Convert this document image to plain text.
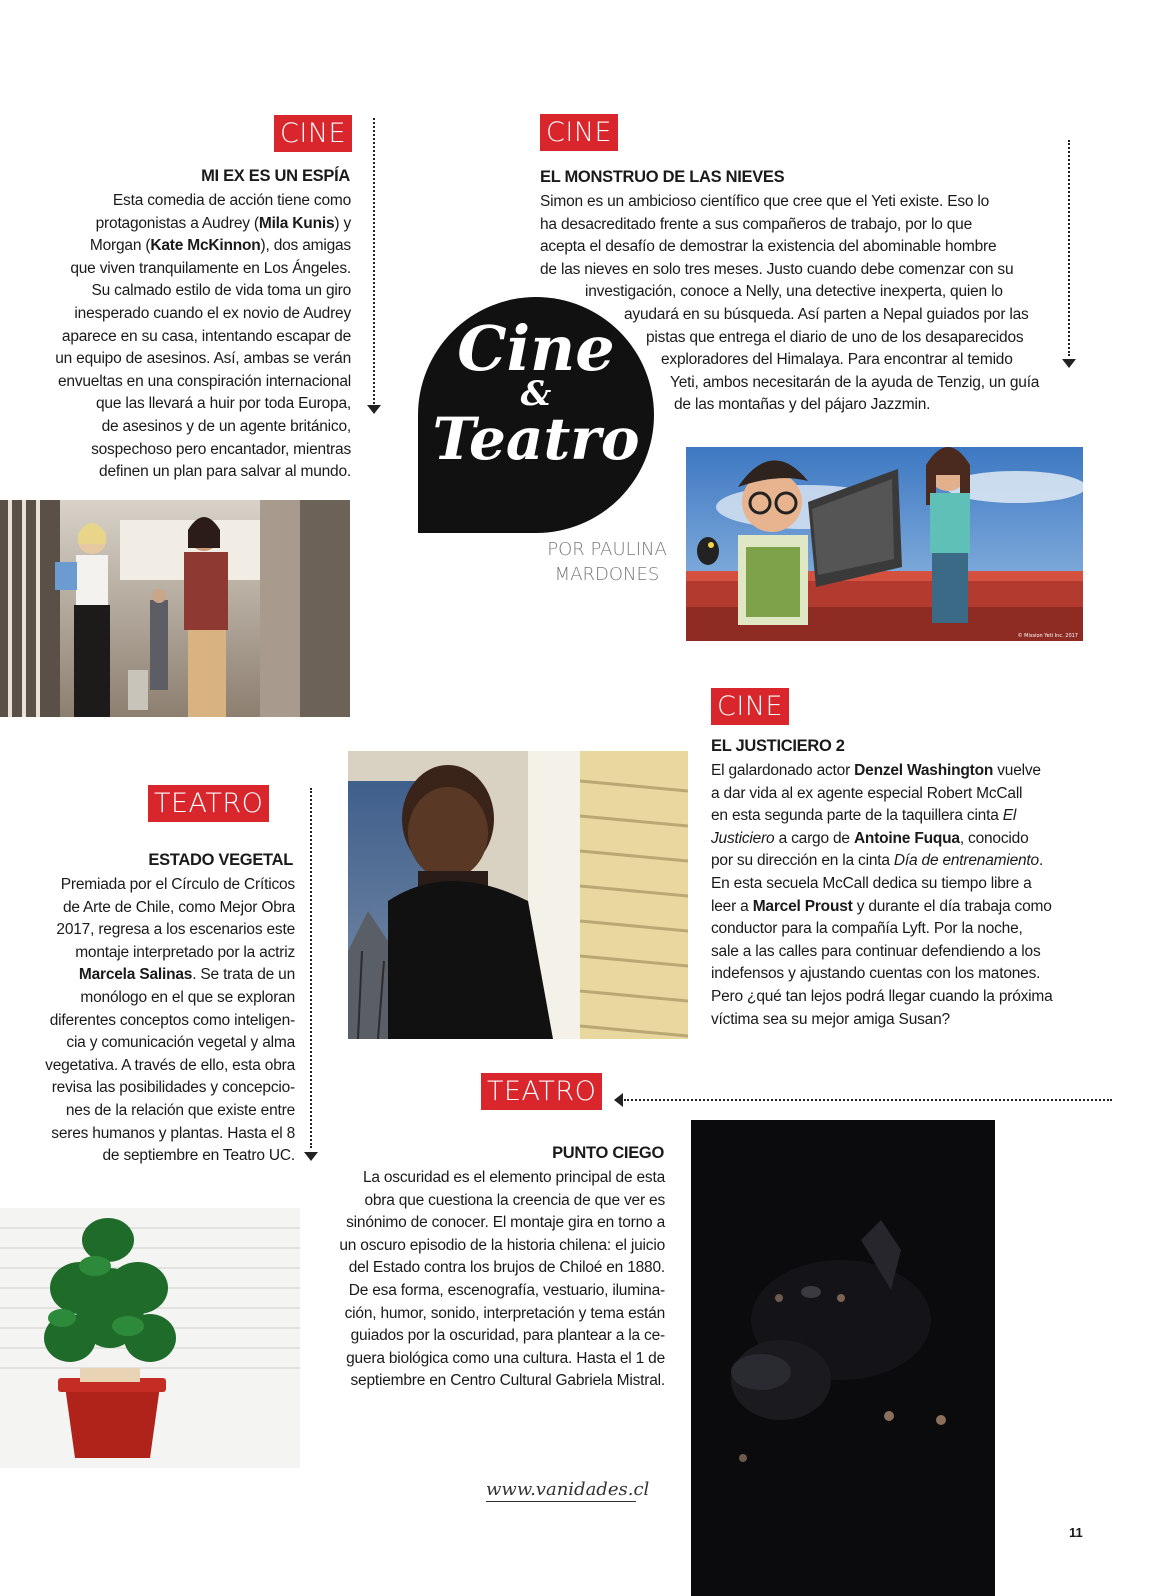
CINE
MI EX ES UN ESPÍA
Esta comedia de acción tiene como
protagonistas a Audrey (Mila Kunis) y
Morgan (Kate McKinnon), dos amigas
que viven tranquilamente en Los Ángeles.
Su calmado estilo de vida toma un giro
inesperado cuando el ex novio de Audrey
aparece en su casa, intentando escapar de
un equipo de asesinos. Así, ambas se verán
envueltas en una conspiración internacional
que las llevará a huir por toda Europa,
de asesinos y de un agente británico,
sospechoso pero encantador, mientras
definen un plan para salvar al mundo.
Cine
&
Teatro
POR PAULINA
MARDONES
CINE
EL MONSTRUO DE LAS NIEVES
Simon es un ambicioso científico que cree que el Yeti existe. Eso lo
ha desacreditado frente a sus compañeros de trabajo, por lo que
acepta el desafío de demostrar la existencia del abominable hombre
de las nieves en solo tres meses. Justo cuando debe comenzar con su
investigación, conoce a Nelly, una detective inexperta, quien lo
ayudará en su búsqueda. Así parten a Nepal guiados por las
pistas que entrega el diario de uno de los desaparecidos
exploradores del Himalaya. Para encontrar al temido
Yeti, ambos necesitarán de la ayuda de Tenzig, un guía
de las montañas y del pájaro Jazzmin.
© Mission Yeti Inc. 2017
CINE
EL JUSTICIERO 2
El galardonado actor Denzel Washington vuelve
a dar vida al ex agente especial Robert McCall
en esta segunda parte de la taquillera cinta El
Justiciero a cargo de Antoine Fuqua, conocido
por su dirección en la cinta Día de entrenamiento.
En esta secuela McCall dedica su tiempo libre a
leer a Marcel Proust y durante el día trabaja como
conductor para la compañía Lyft. Por la noche,
sale a las calles para continuar defendiendo a los
indefensos y ajustando cuentas con los matones.
Pero ¿qué tan lejos podrá llegar cuando la próxima
víctima sea su mejor amiga Susan?
TEATRO
ESTADO VEGETAL
Premiada por el Círculo de Críticos
de Arte de Chile, como Mejor Obra
2017, regresa a los escenarios este
montaje interpretado por la actriz
Marcela Salinas. Se trata de un
monólogo en el que se exploran
diferentes conceptos como inteligen-
cia y comunicación vegetal y alma
vegetativa. A través de ello, esta obra
revisa las posibilidades y concepcio-
nes de la relación que existe entre
seres humanos y plantas. Hasta el 8
de septiembre en Teatro UC.
TEATRO
PUNTO CIEGO
La oscuridad es el elemento principal de esta
obra que cuestiona la creencia de que ver es
sinónimo de conocer. El montaje gira en torno a
un oscuro episodio de la historia chilena: el juicio
del Estado contra los brujos de Chiloé en 1880.
De esa forma, escenografía, vestuario, ilumina-
ción, humor, sonido, interpretación y tema están
guiados por la oscuridad, para plantear a la ce-
guera biológica como una cultura. Hasta el 1 de
septiembre en Centro Cultural Gabriela Mistral.
www.vanidades.cl
11
